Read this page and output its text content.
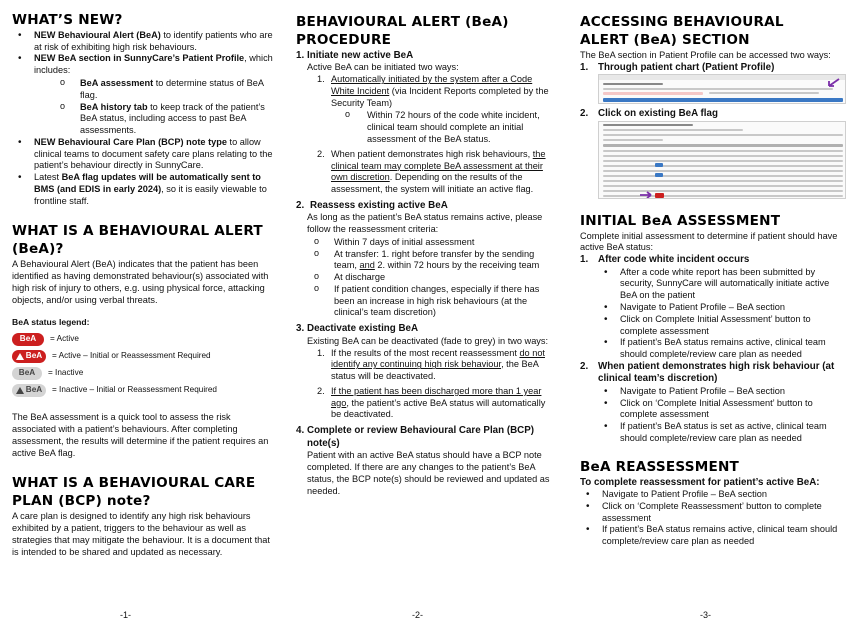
WHAT’S NEW?
• NEW Behavioural Alert (BeA) to identify patients who are at risk of exhibiting high risk behaviours.
• NEW BeA section in SunnyCare’s Patient Profile, which includes:
o BeA assessment to determine status of BeA flag.
o BeA history tab to keep track of the patient’s BeA status, including access to past BeA assessments.
• NEW Behavioural Care Plan (BCP) note type to allow clinical teams to document safety care plans relating to the patient’s behaviour directly in SunnyCare.
• Latest BeA flag updates will be automatically sent to BMS (and EDIS in early 2024), so it is easily viewable to frontline staff.
WHAT IS A BEHAVIOURAL ALERT
(BeA)?

A Behavioural Alert (BeA) indicates that the patient has been identified as having demonstrated behaviour(s) associated with high risk of injury to others, e.g. using physical force, attacking objects, and/or using verbal threats.

BeA status legend:

BeA = Active
BeA = Active – Initial or Reassessment Required
BeA = Inactive
BeA = Inactive – Initial or Reassessment Required

The BeA assessment is a quick tool to assess the risk associated with a patient’s behaviours. After completing assessment, the results will determine if the patient requires an active BeA flag.

WHAT IS A BEHAVIOURAL CARE
PLAN (BCP) note?

A care plan is designed to identify any high risk behaviours exhibited by a patient, triggers to the behaviour as well as strategies that may mitigate the behaviour. It is a document that is intended to be shared and updated as necessary.

-1-
BEHAVIOURAL ALERT (BeA)
PROCEDURE
1. Initiate new active BeA

Active BeA can be initiated two ways:

1. Automatically initiated by the system after a Code White Incident (via Incident Reports completed by the Security Team)
o Within 72 hours of the code white incident, clinical team should complete an initial assessment of the BeA status.
2. When patient demonstrates high risk behaviours, the clinical team may complete BeA assessment at their own discretion. Depending on the results of the assessment, the system will initiate an active flag.
2. Reassess existing active BeA

As long as the patient’s BeA status remains active, please follow the reassessment criteria:

o Within 7 days of initial assessment
o At transfer: 1. right before transfer by the sending team, and 2. within 72 hours by the receiving team
o At discharge
o If patient condition changes, especially if there has been an increase in high risk behaviours (at the clinical’s team discretion)
3. Deactivate existing BeA

Existing BeA can be deactivated (fade to grey) in two ways:

1. If the results of the most recent reassessment do not identify any continuing high risk behaviour, the BeA status will be deactivated.
2. If the patient has been discharged more than 1 year ago, the patient’s active BeA status will automatically be deactivated.
4. Complete or review Behavioural Care Plan (BCP) note(s)

Patient with an active BeA status should have a BCP note completed. If there are any changes to the patient’s BeA status, the BCP note(s) should be reviewed and updated as needed.

-2-
ACCESSING BEHAVIOURAL
ALERT (BeA) SECTION

The BeA section in Patient Profile can be accessed two ways:

1.	Through patient chart (Patient Profile)
2.	Click on existing BeA flag
INITIAL BeA ASSESSMENT

Complete initial assessment to determine if patient should have active BeA status:

1.	After code white incident occurs
• After a code white report has been submitted by security, SunnyCare will automatically initiate active BeA on the patient
• Navigate to Patient Profile – BeA section
• Click on Complete Initial Assessment’ button to complete assessment
• If patient’s BeA status remains active, clinical team should complete/review care plan as needed
2.	When patient demonstrates high risk behaviour (at clinical team’s discretion)
• Navigate to Patient Profile – BeA section
• Click on ‘Complete Initial Assessment’ button to complete assessment
• If patient’s BeA status is set as active, clinical team should complete/review care plan as needed
BeA REASSESSMENT

To complete reassessment for patient’s active BeA:

• Navigate to Patient Profile – BeA section
• Click on ‘Complete Reassessment’ button to complete assessment
• If patient’s BeA status remains active, clinical team should complete/review care plan as needed
-3-
